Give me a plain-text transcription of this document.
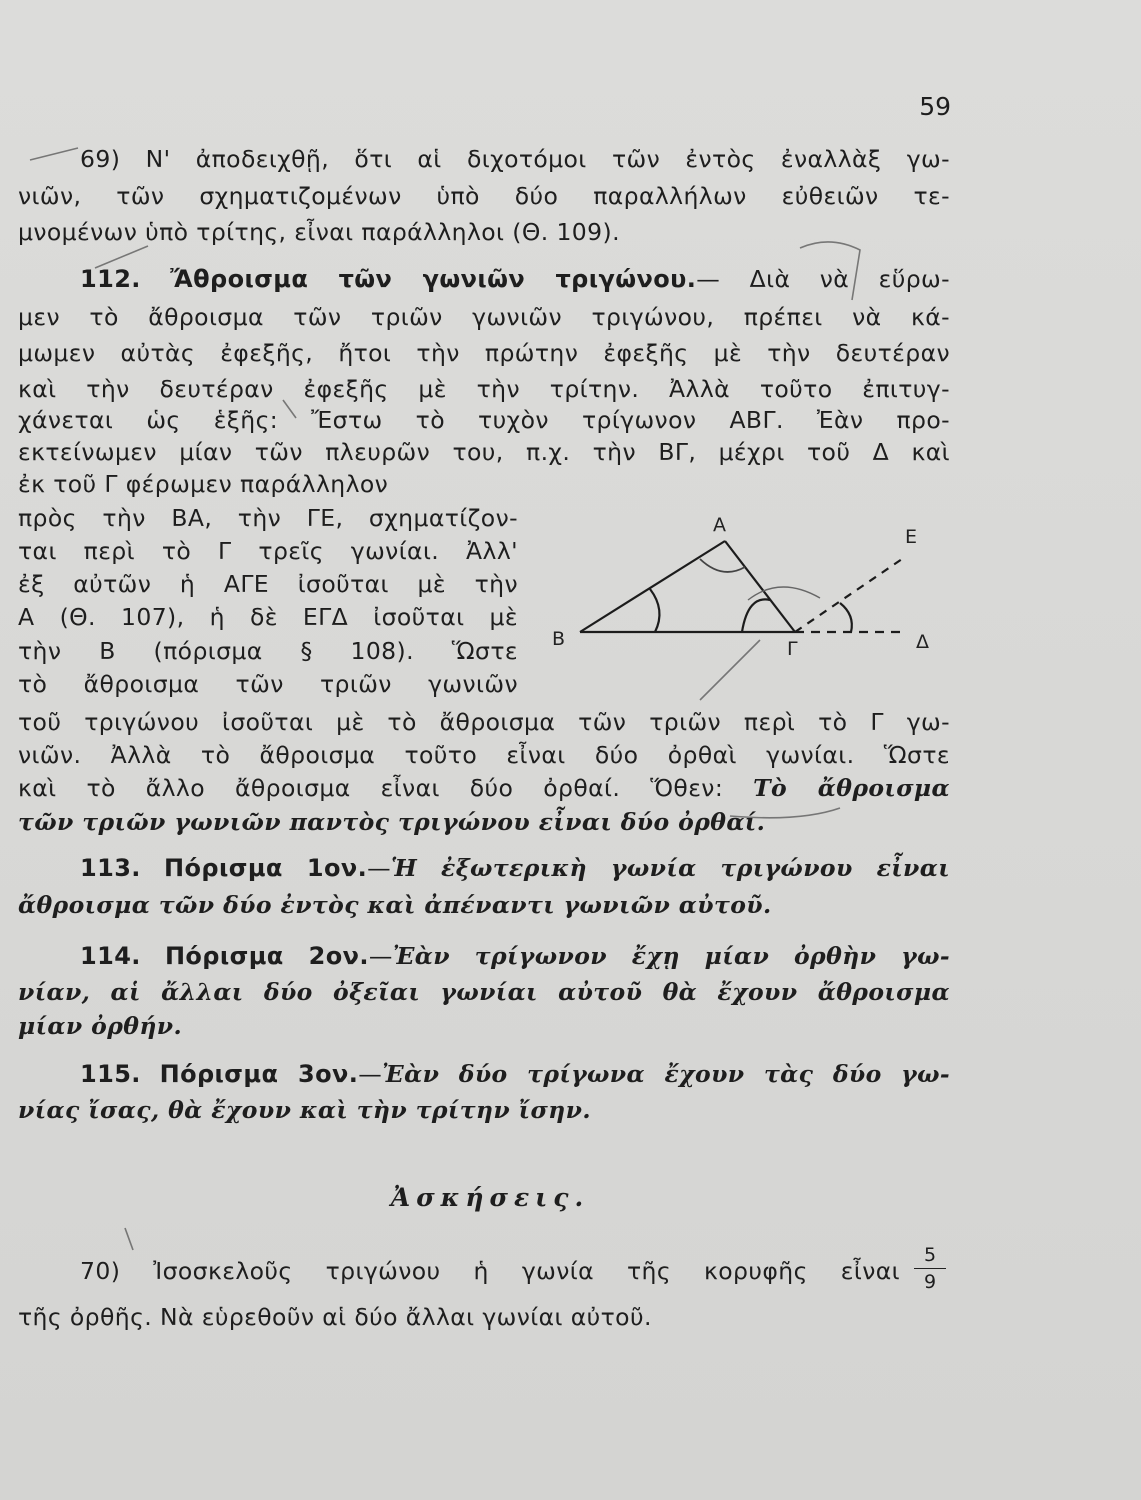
59
69) Ν' ἀποδειχθῇ, ὅτι αἱ διχοτόμοι τῶν ἐντὸς ἐναλλὰξ γω-
νιῶν, τῶν σχηματιζομένων ὑπὸ δύο παραλλήλων εὐθειῶν τε-
μνομένων ὑπὸ τρίτης, εἶναι παράλληλοι (Θ. 109).
112. Ἄθροισμα τῶν γωνιῶν τριγώνου.— Διὰ νὰ εὕρω-
μεν τὸ ἄθροισμα τῶν τριῶν γωνιῶν τριγώνου, πρέπει νὰ κά-
μωμεν αὐτὰς ἐφεξῆς, ἤτοι τὴν πρώτην ἐφεξῆς μὲ τὴν δευτέραν
καὶ τὴν δευτέραν ἐφεξῆς μὲ τὴν τρίτην. Ἀλλὰ τοῦτο ἐπιτυγ-
χάνεται ὡς ἑξῆς: Ἔστω τὸ τυχὸν τρίγωνον ΑΒΓ. Ἐὰν προ-
εκτείνωμεν μίαν τῶν πλευρῶν του, π.χ. τὴν ΒΓ, μέχρι τοῦ Δ καὶ
ἐκ τοῦ Γ φέρωμεν παράλληλον
πρὸς τὴν ΒΑ, τὴν ΓΕ, σχηματίζον-
ται περὶ τὸ Γ τρεῖς γωνίαι. Ἀλλ'
ἐξ αὐτῶν ἡ ΑΓΕ ἰσοῦται μὲ τὴν
Α (Θ. 107), ἡ δὲ ΕΓΔ ἰσοῦται μὲ
τὴν Β (πόρισμα § 108). Ὥστε
τὸ ἄθροισμα τῶν τριῶν γωνιῶν
τοῦ τριγώνου ἰσοῦται μὲ τὸ ἄθροισμα τῶν τριῶν περὶ τὸ Γ γω-
νιῶν. Ἀλλὰ τὸ ἄθροισμα τοῦτο εἶναι δύο ὀρθαὶ γωνίαι. Ὥστε
καὶ τὸ ἄλλο ἄθροισμα εἶναι δύο ὀρθαί. Ὅθεν: Τὸ ἄθροισμα
τῶν τριῶν γωνιῶν παντὸς τριγώνου εἶναι δύο ὀρθαί.
Α
Β	Γ	Δ
Ε
113. Πόρισμα 1ον.—Ἡ ἐξωτερικὴ γωνία τριγώνου εἶναι
ἄθροισμα τῶν δύο ἐντὸς καὶ ἀπέναντι γωνιῶν αὐτοῦ.
114. Πόρισμα 2ον.—Ἐὰν τρίγωνον ἔχῃ μίαν ὀρθὴν γω-
νίαν, αἱ ἄλλαι δύο ὀξεῖαι γωνίαι αὐτοῦ θὰ ἔχουν ἄθροισμα
μίαν ὀρθήν.
115. Πόρισμα 3ον.—Ἐὰν δύο τρίγωνα ἔχουν τὰς δύο γω-
νίας ἴσας, θὰ ἔχουν καὶ τὴν τρίτην ἴσην.
Ἀσκήσεις.
70) Ἰσοσκελοῦς τριγώνου ἡ γωνία τῆς κορυφῆς εἶναι
5
9
τῆς ὀρθῆς. Νὰ εὑρεθοῦν αἱ δύο ἄλλαι γωνίαι αὐτοῦ.
